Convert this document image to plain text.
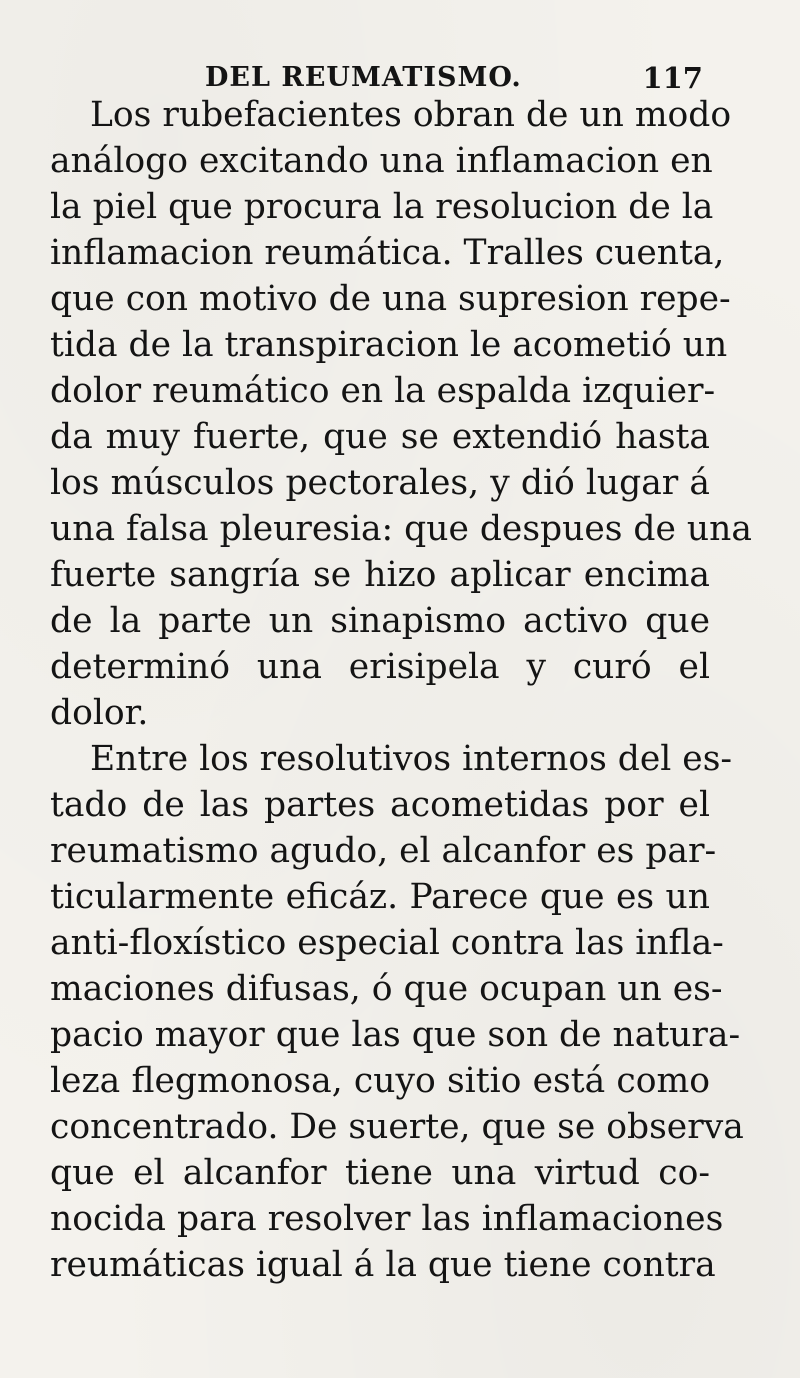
DEL REUMATISMO.	117
Los rubefacientes obran de un modo
análogo excitando una inflamacion en
la piel que procura la resolucion de la
inflamacion reumática. Tralles cuenta,
que con motivo de una supresion repe-
tida de la transpiracion le acometió un
dolor reumático en la espalda izquier-
da muy fuerte, que se extendió hasta
los músculos pectorales, y dió lugar á
una falsa pleuresia: que despues de una
fuerte sangría se hizo aplicar encima
de la parte un sinapismo activo que
determinó una erisipela y curó el
dolor.
Entre los resolutivos internos del es-
tado de las partes acometidas por el
reumatismo agudo, el alcanfor es par-
ticularmente eficáz. Parece que es un
anti-floxístico especial contra las infla-
maciones difusas, ó que ocupan un es-
pacio mayor que las que son de natura-
leza flegmonosa, cuyo sitio está como
concentrado. De suerte, que se observa
que el alcanfor tiene una virtud co-
nocida para resolver las inflamaciones
reumáticas igual á la que tiene contra
